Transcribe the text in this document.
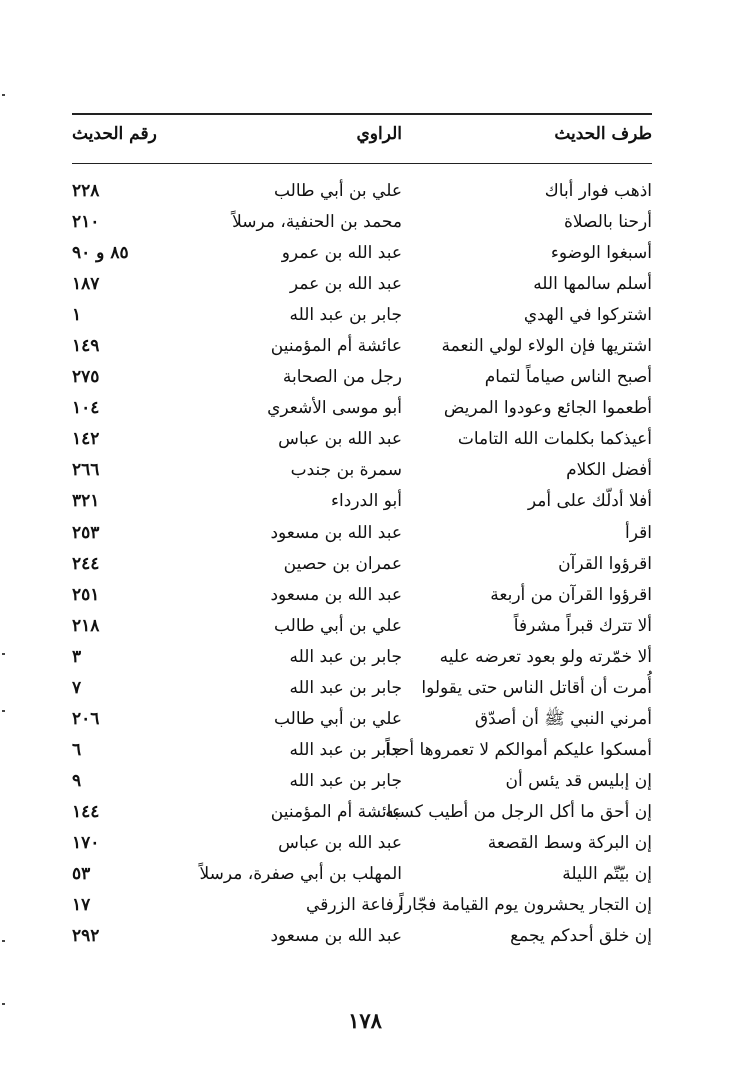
طرف الحديث
الراوي
رقم الحديث
اذهب فوار أباك
علي بن أبي طالب
٢٢٨
أرحنا بالصلاة
محمد بن الحنفية، مرسلاً
٢١٠
أسبغوا الوضوء
عبد الله بن عمرو
٨٥ و ٩٠
أسلم سالمها الله
عبد الله بن عمر
١٨٧
اشتركوا في الهدي
جابر بن عبد الله
١
اشتريها فإن الولاء لولي النعمة
عائشة أم المؤمنين
١٤٩
أصبح الناس صياماً لتمام
رجل من الصحابة
٢٧٥
أطعموا الجائع وعودوا المريض
أبو موسى الأشعري
١٠٤
أعيذكما بكلمات الله التامات
عبد الله بن عباس
١٤٢
أفضل الكلام
سمرة بن جندب
٢٦٦
أفلا أدلّك على أمر
أبو الدرداء
٣٢١
اقرأ
عبد الله بن مسعود
٢٥٣
اقرؤوا القرآن
عمران بن حصين
٢٤٤
اقرؤوا القرآن من أربعة
عبد الله بن مسعود
٢٥١
ألا تترك قبراً مشرفاً
علي بن أبي طالب
٢١٨
ألا خمّرته ولو بعود تعرضه عليه
جابر بن عبد الله
٣
أُمرت أن أقاتل الناس حتى يقولوا
جابر بن عبد الله
٧
أمرني النبي ﷺ أن أصدّق
علي بن أبي طالب
٢٠٦
أمسكوا عليكم أموالكم لا تعمروها أحداً
جابر بن عبد الله
٦
إن إبليس قد يئس أن
جابر بن عبد الله
٩
إن أحق ما أكل الرجل من أطيب كسبه
عائشة أم المؤمنين
١٤٤
إن البركة وسط القصعة
عبد الله بن عباس
١٧٠
إن بيّتّم الليلة
المهلب بن أبي صفرة، مرسلاً
٥٣
إن التجار يحشرون يوم القيامة فجّاراً
رفاعة الزرقي
١٧
إن خلق أحدكم يجمع
عبد الله بن مسعود
٢٩٢
١٧٨
